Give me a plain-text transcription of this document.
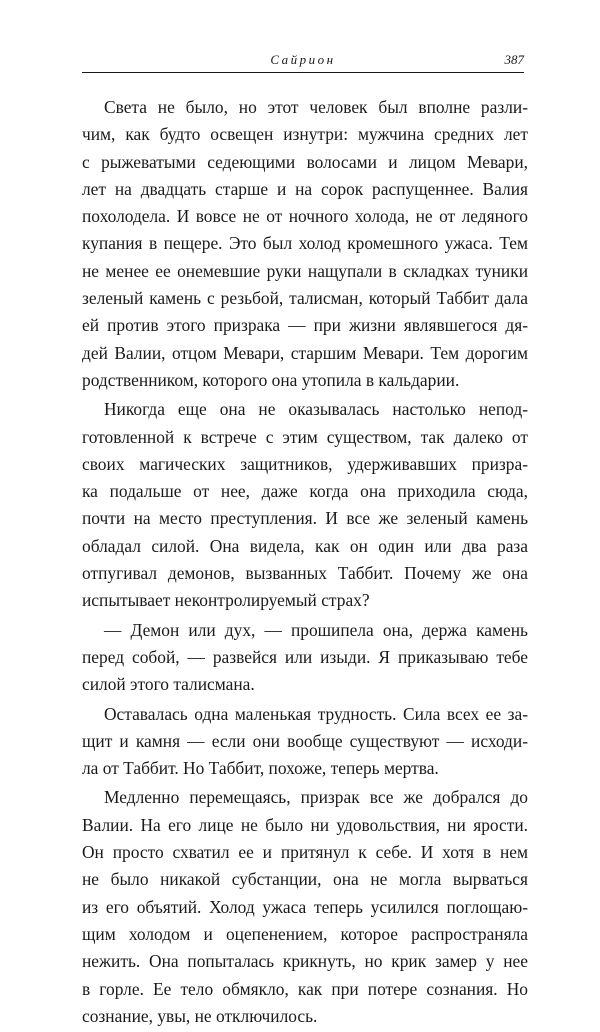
Сайрион	387
Света не было, но этот человек был вполне разли-
чим, как будто освещен изнутри: мужчина средних лет
с рыжеватыми седеющими волосами и лицом Мевари,
лет на двадцать старше и на сорок распущеннее. Валия
похолодела. И вовсе не от ночного холода, не от ледяного
купания в пещере. Это был холод кромешного ужаса. Тем
не менее ее онемевшие руки нащупали в складках туники
зеленый камень с резьбой, талисман, который Таббит дала
ей против этого призрака — при жизни являвшегося дя-
дей Валии, отцом Мевари, старшим Мевари. Тем дорогим
родственником, которого она утопила в кальдарии.
Никогда еще она не оказывалась настолько непод-
готовленной к встрече с этим существом, так далеко от
своих магических защитников, удерживавших призра-
ка подальше от нее, даже когда она приходила сюда,
почти на место преступления. И все же зеленый камень
обладал силой. Она видела, как он один или два раза
отпугивал демонов, вызванных Таббит. Почему же она
испытывает неконтролируемый страх?
— Демон или дух, — прошипела она, держа камень
перед собой, — развейся или изыди. Я приказываю тебе
силой этого талисмана.
Оставалась одна маленькая трудность. Сила всех ее за-
щит и камня — если они вообще существуют — исходи-
ла от Таббит. Но Таббит, похоже, теперь мертва.
Медленно перемещаясь, призрак все же добрался до
Валии. На его лице не было ни удовольствия, ни ярости.
Он просто схватил ее и притянул к себе. И хотя в нем
не было никакой субстанции, она не могла вырваться
из его объятий. Холод ужаса теперь усилился поглощаю-
щим холодом и оцепенением, которое распространяла
нежить. Она попыталась крикнуть, но крик замер у нее
в горле. Ее тело обмякло, как при потере сознания. Но
сознание, увы, не отключилось.
